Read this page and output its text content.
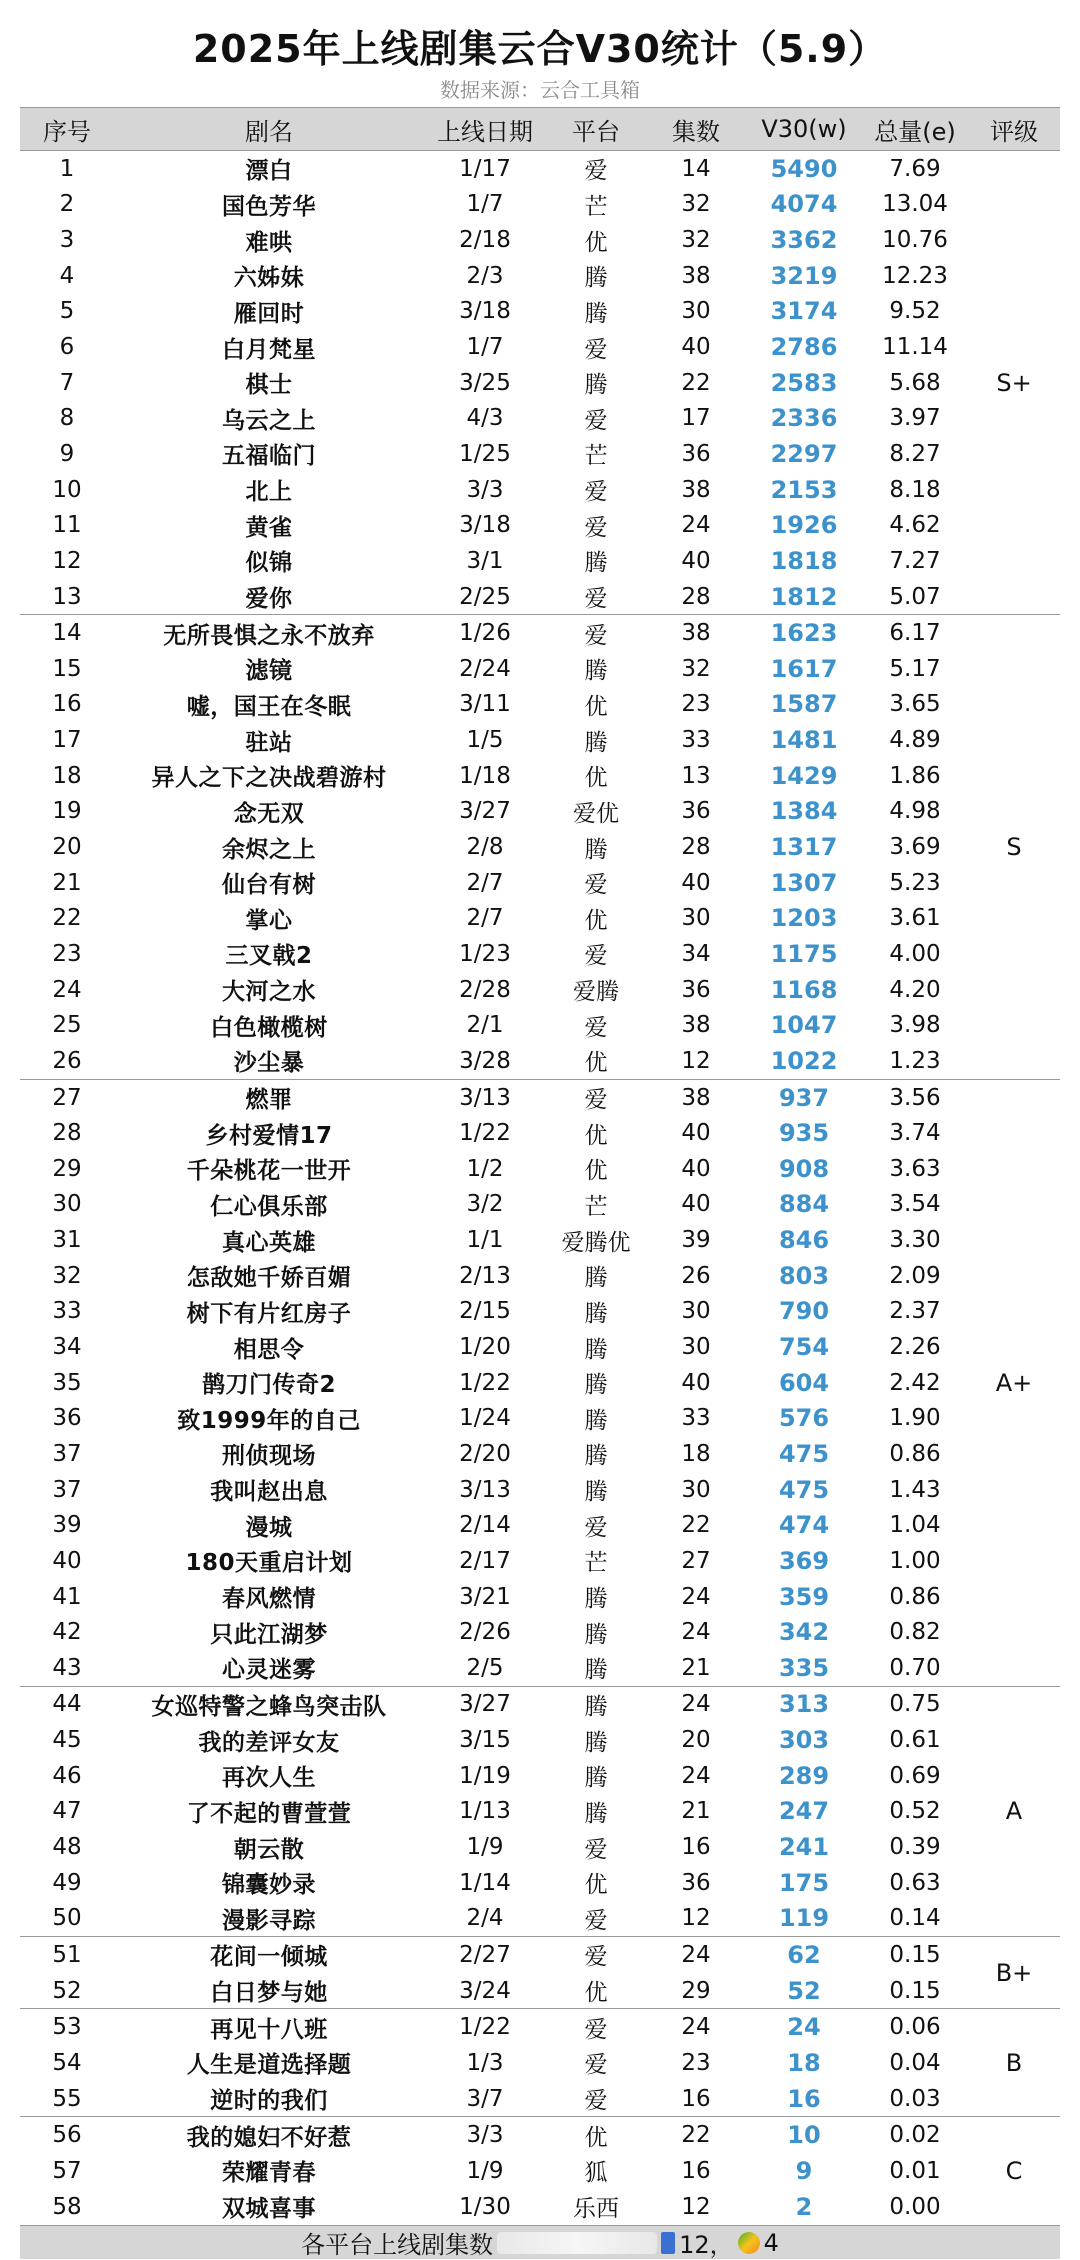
2025年上线剧集云合V30统计（5.9）
数据来源：云合工具箱
序号	剧名	上线日期	平台	集数	V30(w)	总量(e)	评级
1	漂白	1/17	爱	14	5490	7.69	S+
2	国色芳华	1/7	芒	32	4074	13.04	
3	难哄	2/18	优	32	3362	10.76	
4	六姊妹	2/3	腾	38	3219	12.23	
5	雁回时	3/18	腾	30	3174	9.52	
6	白月梵星	1/7	爱	40	2786	11.14	
7	棋士	3/25	腾	22	2583	5.68	
8	乌云之上	4/3	爱	17	2336	3.97	
9	五福临门	1/25	芒	36	2297	8.27	
10	北上	3/3	爱	38	2153	8.18	
11	黄雀	3/18	爱	24	1926	4.62	
12	似锦	3/1	腾	40	1818	7.27	
13	爱你	2/25	爱	28	1812	5.07	
14	无所畏惧之永不放弃	1/26	爱	38	1623	6.17	S
15	滤镜	2/24	腾	32	1617	5.17	
16	嘘，国王在冬眠	3/11	优	23	1587	3.65	
17	驻站	1/5	腾	33	1481	4.89	
18	异人之下之决战碧游村	1/18	优	13	1429	1.86	
19	念无双	3/27	爱优	36	1384	4.98	
20	余烬之上	2/8	腾	28	1317	3.69	
21	仙台有树	2/7	爱	40	1307	5.23	
22	掌心	2/7	优	30	1203	3.61	
23	三叉戟2	1/23	爱	34	1175	4.00	
24	大河之水	2/28	爱腾	36	1168	4.20	
25	白色橄榄树	2/1	爱	38	1047	3.98	
26	沙尘暴	3/28	优	12	1022	1.23	
27	燃罪	3/13	爱	38	937	3.56	A+
28	乡村爱情17	1/22	优	40	935	3.74	
29	千朵桃花一世开	1/2	优	40	908	3.63	
30	仁心俱乐部	3/2	芒	40	884	3.54	
31	真心英雄	1/1	爱腾优	39	846	3.30	
32	怎敌她千娇百媚	2/13	腾	26	803	2.09	
33	树下有片红房子	2/15	腾	30	790	2.37	
34	相思令	1/20	腾	30	754	2.26	
35	鹊刀门传奇2	1/22	腾	40	604	2.42	
36	致1999年的自己	1/24	腾	33	576	1.90	
37	刑侦现场	2/20	腾	18	475	0.86	
37	我叫赵出息	3/13	腾	30	475	1.43	
39	漫城	2/14	爱	22	474	1.04	
40	180天重启计划	2/17	芒	27	369	1.00	
41	春风燃情	3/21	腾	24	359	0.86	
42	只此江湖梦	2/26	腾	24	342	0.82	
43	心灵迷雾	2/5	腾	21	335	0.70	
44	女巡特警之蜂鸟突击队	3/27	腾	24	313	0.75	A
45	我的差评女友	3/15	腾	20	303	0.61	
46	再次人生	1/19	腾	24	289	0.69	
47	了不起的曹萱萱	1/13	腾	21	247	0.52	
48	朝云散	1/9	爱	16	241	0.39	
49	锦囊妙录	1/14	优	36	175	0.63	
50	漫影寻踪	2/4	爱	12	119	0.14	
51	花间一倾城	2/27	爱	24	62	0.15	B+
52	白日梦与她	3/24	优	29	52	0.15	
53	再见十八班	1/22	爱	24	24	0.06	B
54	人生是道选择题	1/3	爱	23	18	0.04	
55	逆时的我们	3/7	爱	16	16	0.03	
56	我的媳妇不好惹	3/3	优	22	10	0.02	C
57	荣耀青春	1/9	狐	16	9	0.01	
58	双城喜事	1/30	乐西	12	2	0.00	
各平台上线剧集数	12， 4
